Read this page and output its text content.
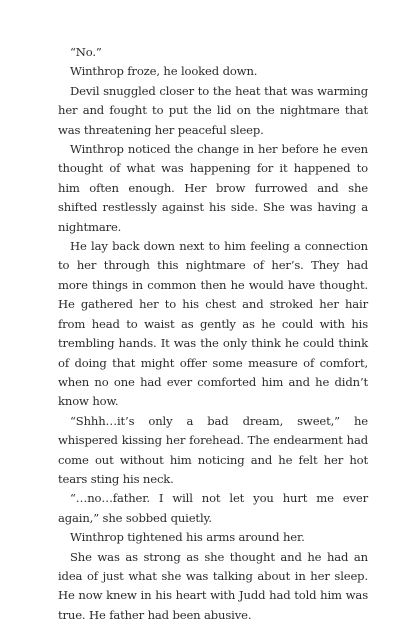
“No.”

Winthrop froze, he looked down.

Devil snuggled closer to the heat that was warming her and fought to put the lid on the nightmare that was threatening her peaceful sleep.

Winthrop noticed the change in her before he even thought of what was happening for it happened to him often enough. Her brow furrowed and she shifted restlessly against his side. She was having a nightmare.

He lay back down next to him feeling a connection to her through this nightmare of her’s. They had more things in common then he would have thought. He gathered her to his chest and stroked her hair from head to waist as gently as he could with his trembling hands. It was the only think he could think of doing that might offer some measure of comfort, when no one had ever comforted him and he didn’t know how.

“Shhh…it’s only a bad dream, sweet,” he whispered kissing her forehead. The endearment had come out without him noticing and he felt her hot tears sting his neck.

“…no…father. I will not let you hurt me ever again,” she sobbed quietly.

Winthrop tightened his arms around her.

She was as strong as she thought and he had an idea of just what she was talking about in her sleep. He now knew in his heart with Judd had told him was true. He father had been abusive.
